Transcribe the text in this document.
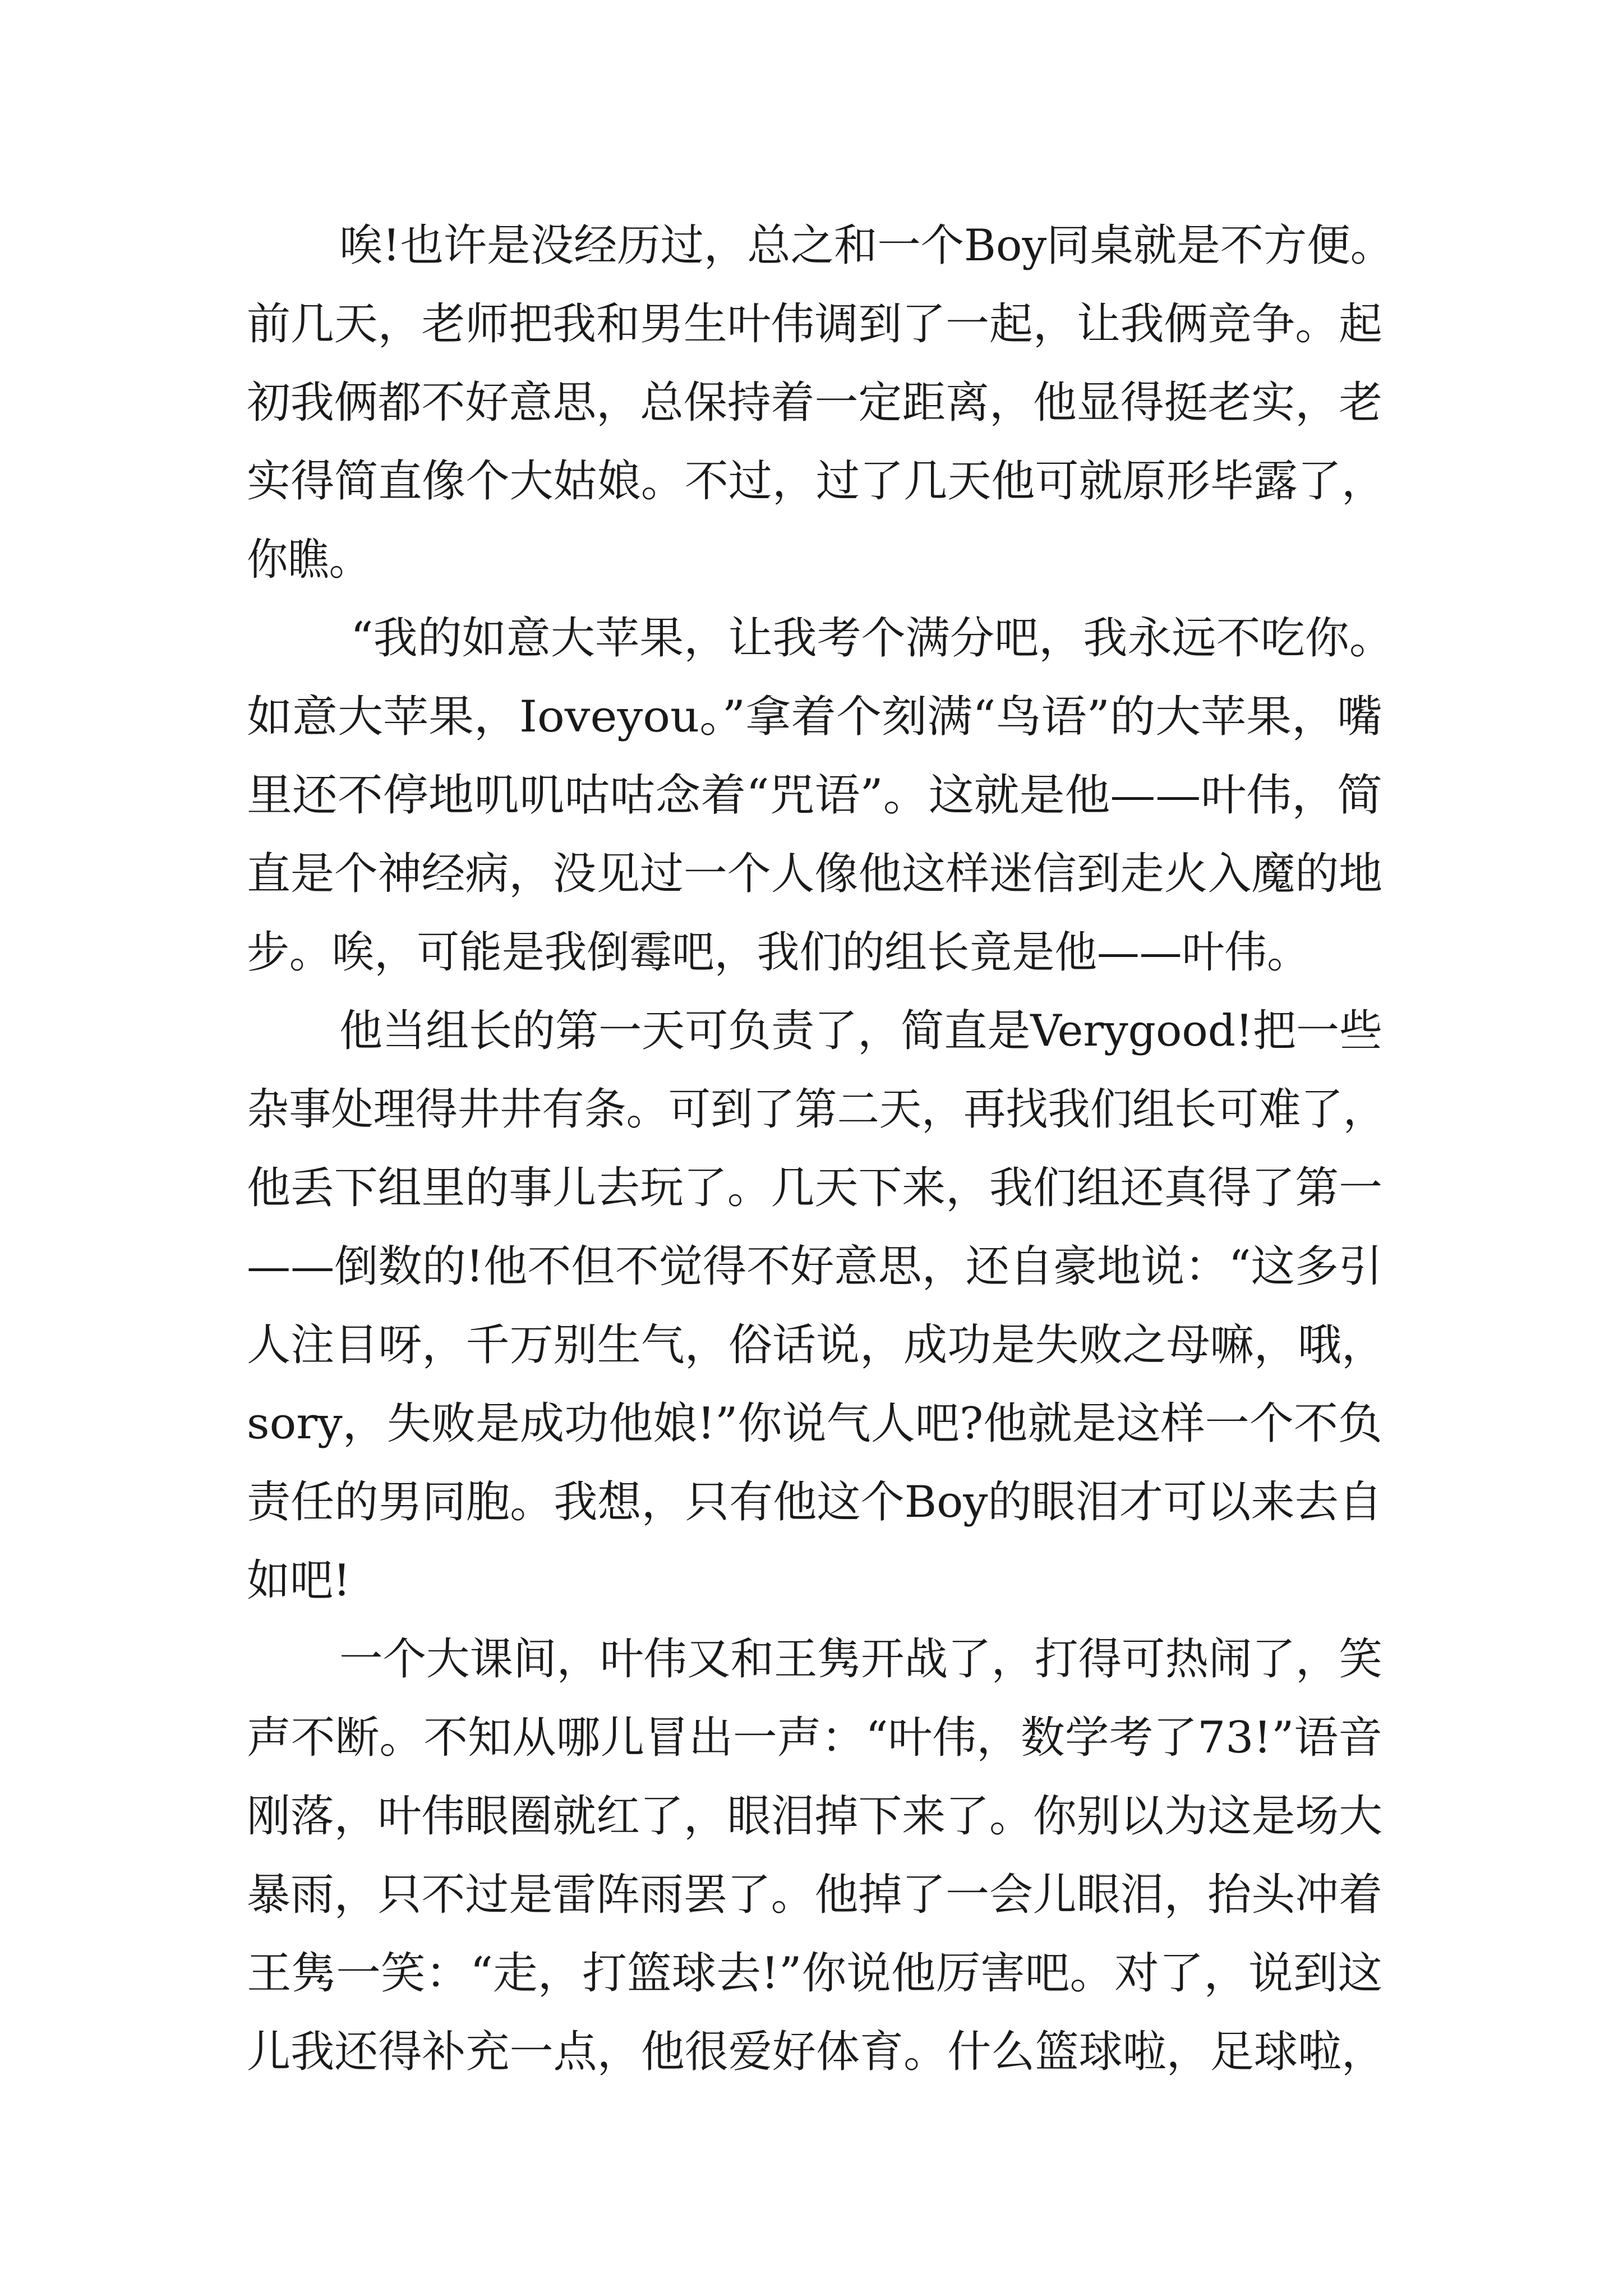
唉!也许是没经历过，总之和一个Boy同桌就是不方便。
前几天，老师把我和男生叶伟调到了一起，让我俩竞争。起
初我俩都不好意思，总保持着一定距离，他显得挺老实，老
实得简直像个大姑娘。不过，过了几天他可就原形毕露了，
你瞧。
“我的如意大苹果，让我考个满分吧，我永远不吃你。
如意大苹果，Ioveyou。”拿着个刻满“鸟语”的大苹果，嘴
里还不停地叽叽咕咕念着“咒语”。这就是他——叶伟，简
直是个神经病，没见过一个人像他这样迷信到走火入魔的地
步。唉，可能是我倒霉吧，我们的组长竟是他——叶伟。
他当组长的第一天可负责了，简直是Verygood!把一些
杂事处理得井井有条。可到了第二天，再找我们组长可难了，
他丢下组里的事儿去玩了。几天下来，我们组还真得了第一
——倒数的!他不但不觉得不好意思，还自豪地说：“这多引
人注目呀，千万别生气，俗话说，成功是失败之母嘛，哦，
sory，失败是成功他娘!”你说气人吧?他就是这样一个不负
责任的男同胞。我想，只有他这个Boy的眼泪才可以来去自
如吧!
一个大课间，叶伟又和王隽开战了，打得可热闹了，笑
声不断。不知从哪儿冒出一声：“叶伟，数学考了73!”语音
刚落，叶伟眼圈就红了，眼泪掉下来了。你别以为这是场大
暴雨，只不过是雷阵雨罢了。他掉了一会儿眼泪，抬头冲着
王隽一笑：“走，打篮球去!”你说他厉害吧。对了，说到这
儿我还得补充一点，他很爱好体育。什么篮球啦，足球啦，
